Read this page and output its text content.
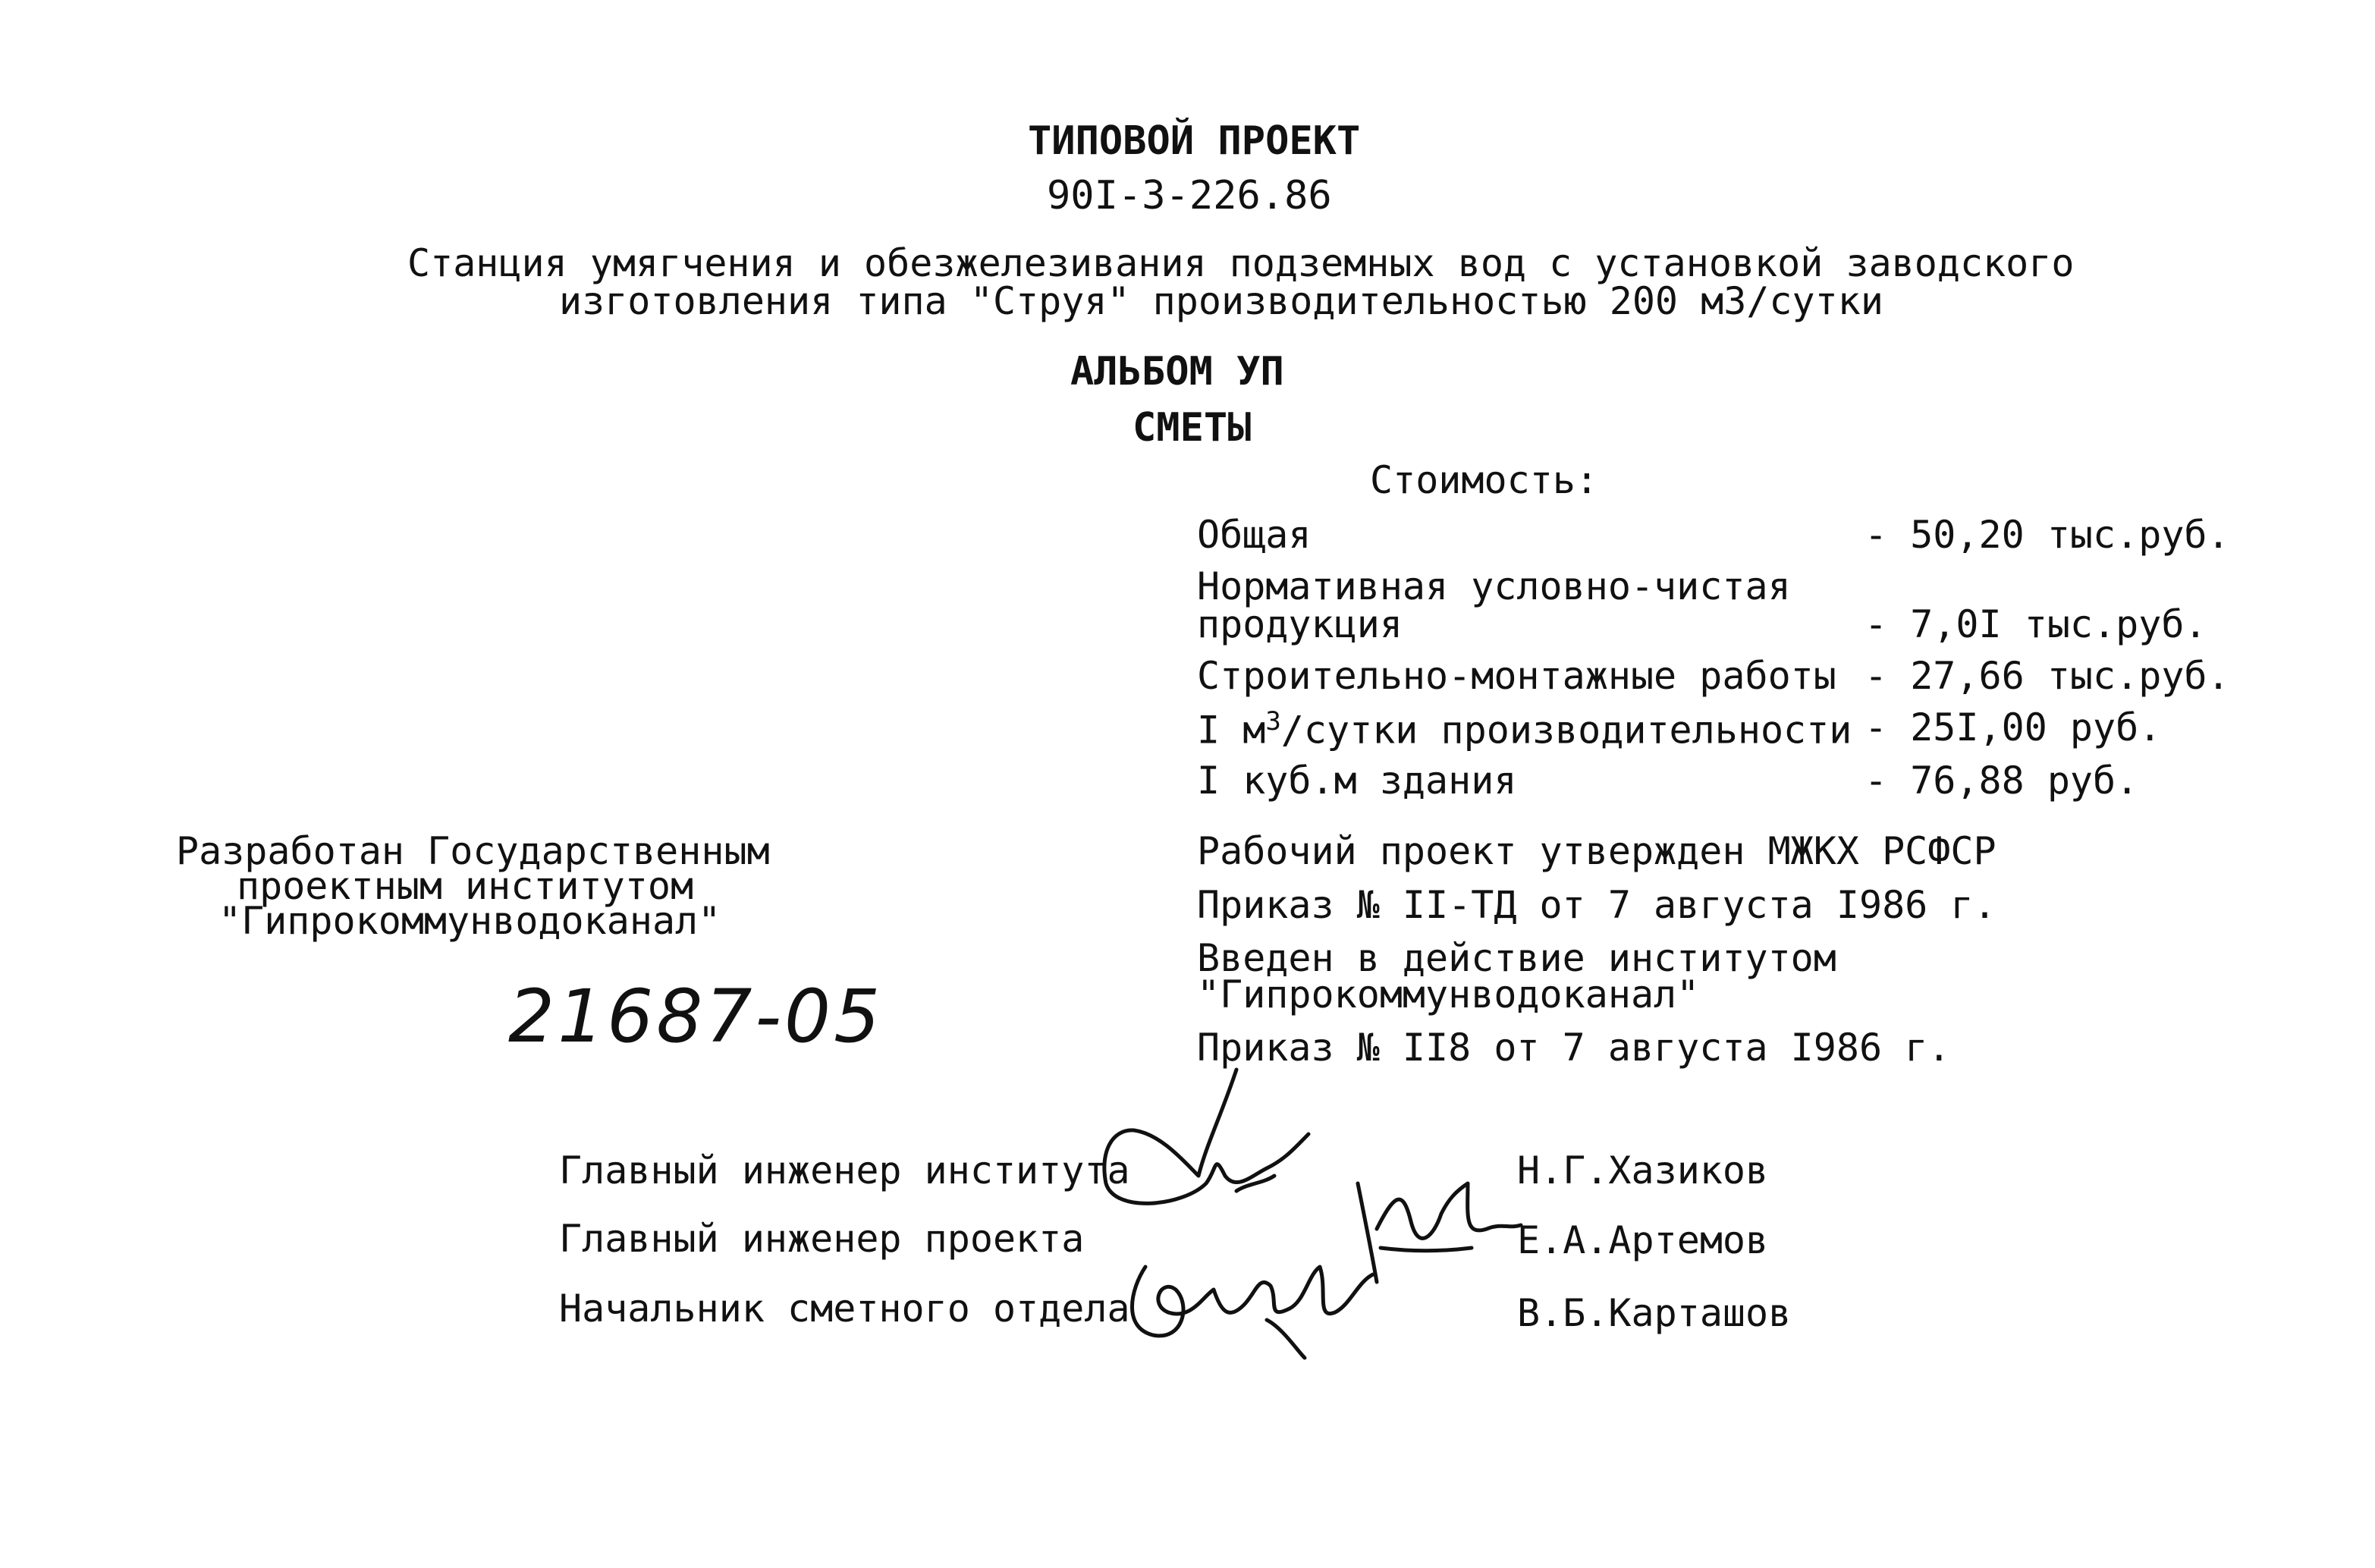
ТИПОВОЙ ПРОЕКТ
90I-3-226.86
Станция умягчения и обезжелезивания подземных вод с установкой заводского
изготовления типа "Струя" производительностью 200 м3/сутки
АЛЬБОМ УП
СМЕТЫ
Стоимость:
Общая	- 50,20 тыс.руб.
Нормативная условно-чистая
продукция	- 7,0I тыс.руб.
Строительно-монтажные работы - 27,66 тыс.руб.
I $м^3$/сутки производительности - 25I,00 руб.
I куб.м здания	- 76,88 руб.
Разработан Государственным
проектным институтом
"Гипрокоммунводоканал"
21687-05
Рабочий проект утвержден МЖКХ РСФСР
Приказ № II-ТД от 7 августа I986 г.
Введен в действие институтом
"Гипрокоммунводоканал"
Приказ № II8 от 7 августа I986 г.
Главный инженер института	Н.Г.Хазиков
Главный инженер проекта	Е.А.Артемов
Начальник сметного отдела	В.Б.Карташов
